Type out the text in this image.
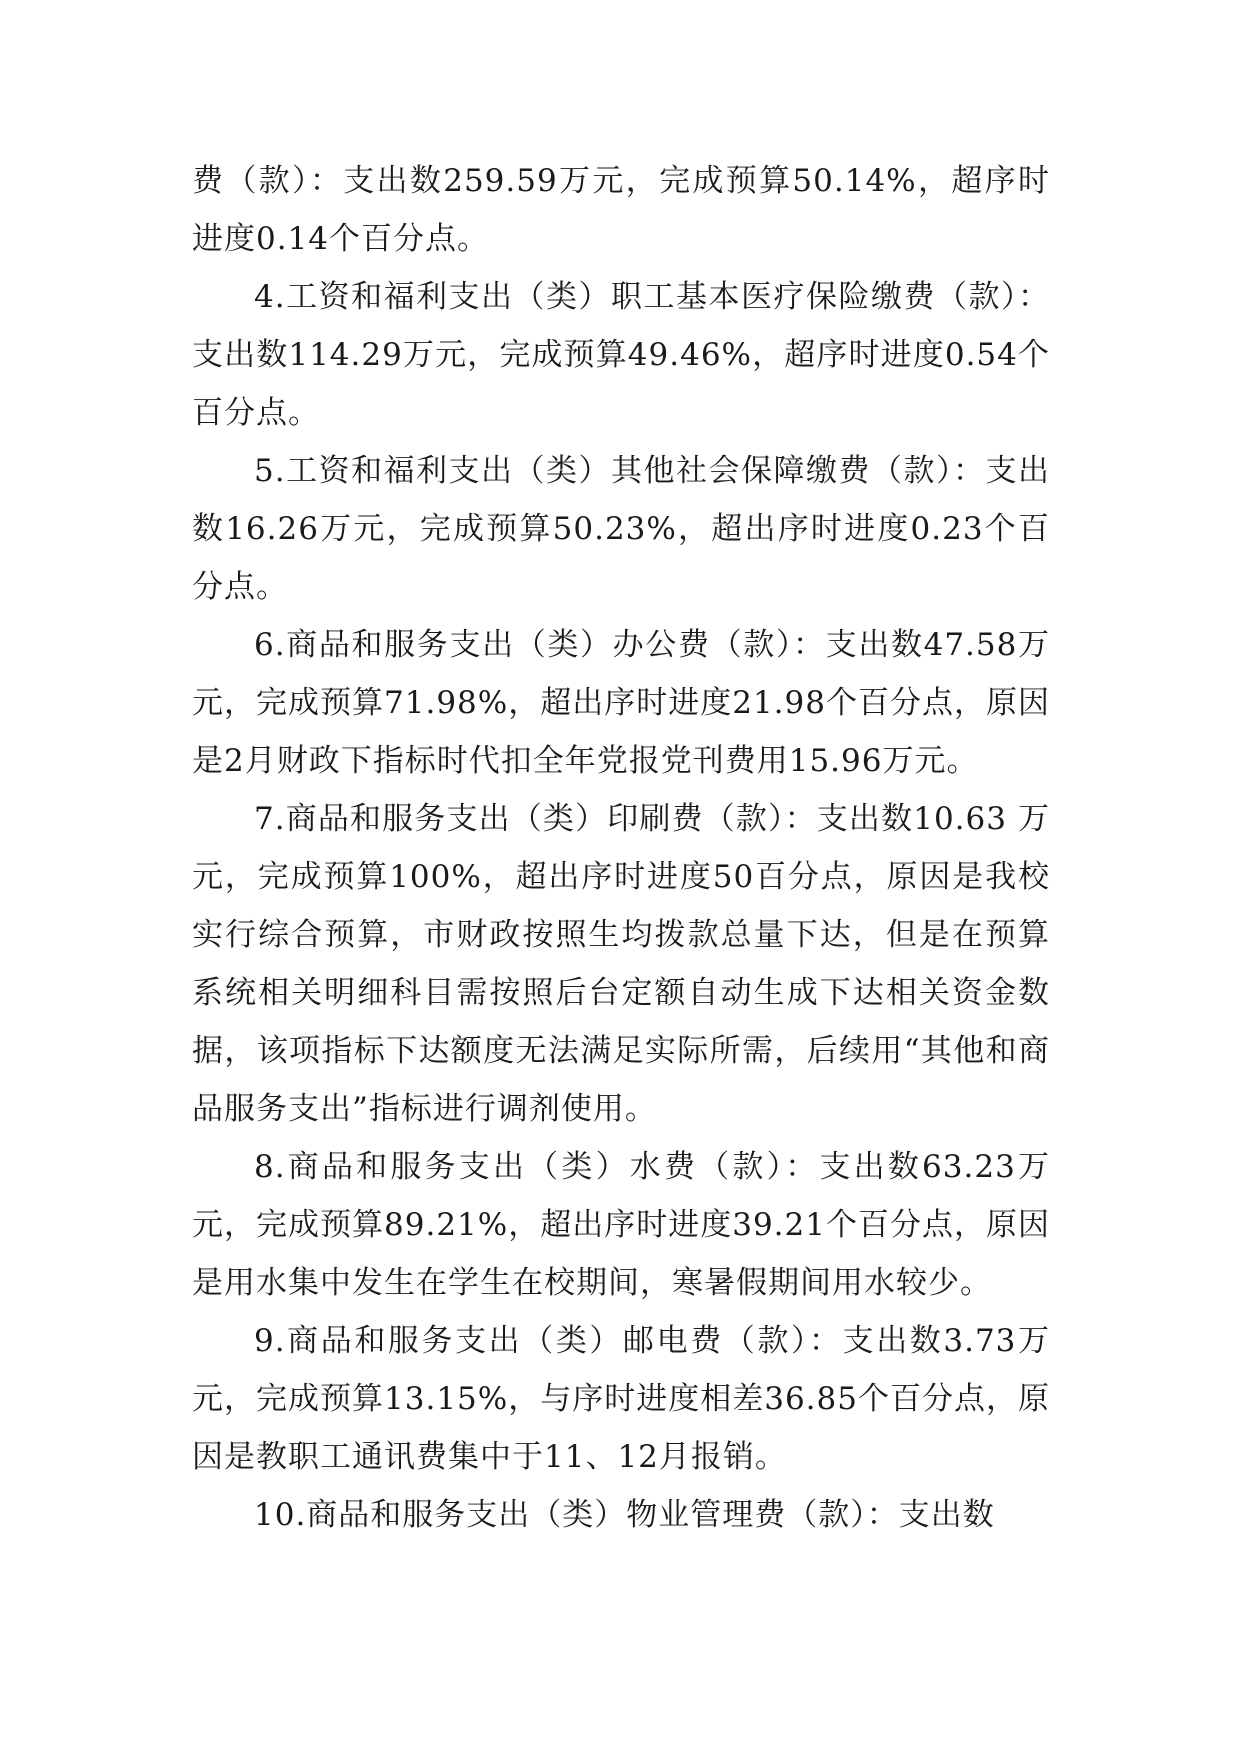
费（款）：支出数259.59万元，完成预算50.14%，超序时进度0.14个百分点。

4.工资和福利支出（类）职工基本医疗保险缴费（款）：支出数114.29万元，完成预算49.46%，超序时进度0.54个百分点。

5.工资和福利支出（类）其他社会保障缴费（款）：支出数16.26万元，完成预算50.23%，超出序时进度0.23个百分点。

6.商品和服务支出（类）办公费（款）：支出数47.58万元，完成预算71.98%，超出序时进度21.98个百分点，原因是2月财政下指标时代扣全年党报党刊费用15.96万元。

7.商品和服务支出（类）印刷费（款）：支出数10.63 万元，完成预算100%，超出序时进度50百分点，原因是我校实行综合预算，市财政按照生均拨款总量下达，但是在预算系统相关明细科目需按照后台定额自动生成下达相关资金数据，该项指标下达额度无法满足实际所需，后续用“其他和商品服务支出”指标进行调剂使用。

8.商品和服务支出（类）水费（款）：支出数63.23万元，完成预算89.21%，超出序时进度39.21个百分点，原因是用水集中发生在学生在校期间，寒暑假期间用水较少。

9.商品和服务支出（类）邮电费（款）：支出数3.73万元，完成预算13.15%，与序时进度相差36.85个百分点，原因是教职工通讯费集中于11、12月报销。

10.商品和服务支出（类）物业管理费（款）：支出数
